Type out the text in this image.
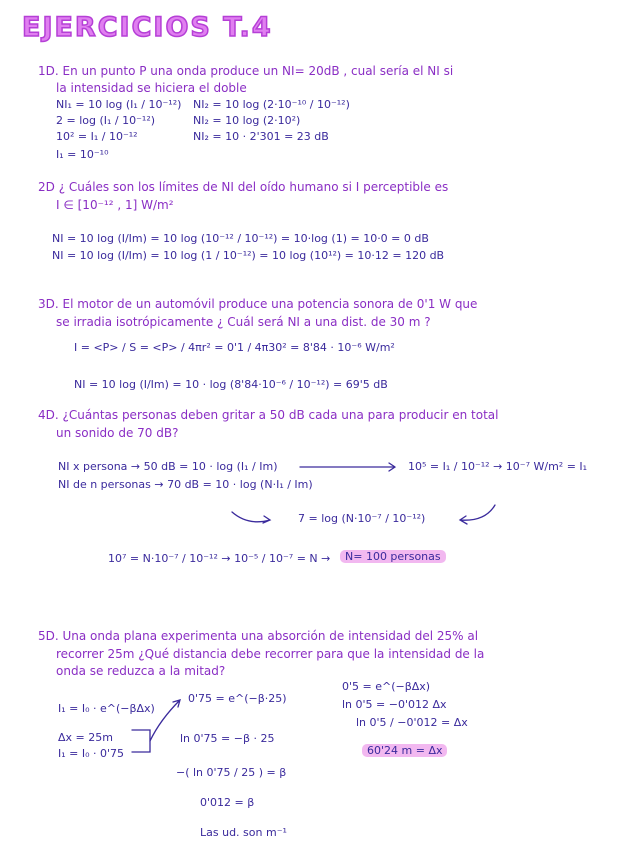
EJERCICIOS T.4
1D. En un punto P una onda produce un NI= 20dB , cual sería el NI si
la intensidad se hiciera el doble
NI₁ = 10 log (I₁ / 10⁻¹²)
2 = log (I₁ / 10⁻¹²)
10² = I₁ / 10⁻¹²
I₁ = 10⁻¹⁰
NI₂ = 10 log (2·10⁻¹⁰ / 10⁻¹²)
NI₂ = 10 log (2·10²)
NI₂ = 10 · 2'301 = 23 dB
2D ¿ Cuáles son los límites de NI del oído humano si I perceptible es
I ∈ [10⁻¹² , 1] W/m²
NI = 10 log (I/Im) = 10 log (10⁻¹² / 10⁻¹²) = 10·log (1) = 10·0 = 0 dB
NI = 10 log (I/Im) = 10 log (1 / 10⁻¹²) = 10 log (10¹²) = 10·12 = 120 dB
3D. El motor de un automóvil produce una potencia sonora de 0'1 W que
se irradia isotrópicamente ¿ Cuál será NI a una dist. de 30 m ?
I = <P> / S = <P> / 4πr² = 0'1 / 4π30² = 8'84 · 10⁻⁶ W/m²
NI = 10 log (I/Im) = 10 · log (8'84·10⁻⁶ / 10⁻¹²) = 69'5 dB
4D. ¿Cuántas personas deben gritar a 50 dB cada una para producir en total
un sonido de 70 dB?
NI x persona → 50 dB = 10 · log (I₁ / Im)	10⁵ = I₁ / 10⁻¹² → 10⁻⁷ W/m² = I₁
NI de n personas → 70 dB = 10 · log (N·I₁ / Im)
7 = log (N·10⁻⁷ / 10⁻¹²)
10⁷ = N·10⁻⁷ / 10⁻¹² → 10⁻⁵ / 10⁻⁷ = N →	N= 100 personas
5D. Una onda plana experimenta una absorción de intensidad del 25% al
recorrer 25m ¿Qué distancia debe recorrer para que la intensidad de la
onda se reduzca a la mitad?
I₁ = I₀ · e^(−βΔx)
Δx = 25m
I₁ = I₀ · 0'75
0'75 = e^(−β·25)
ln 0'75 = −β · 25
−( ln 0'75 / 25 ) = β
0'012 = β
Las ud. son m⁻¹
0'5 = e^(−βΔx)
ln 0'5 = −0'012 Δx
ln 0'5 / −0'012 = Δx
60'24 m = Δx
